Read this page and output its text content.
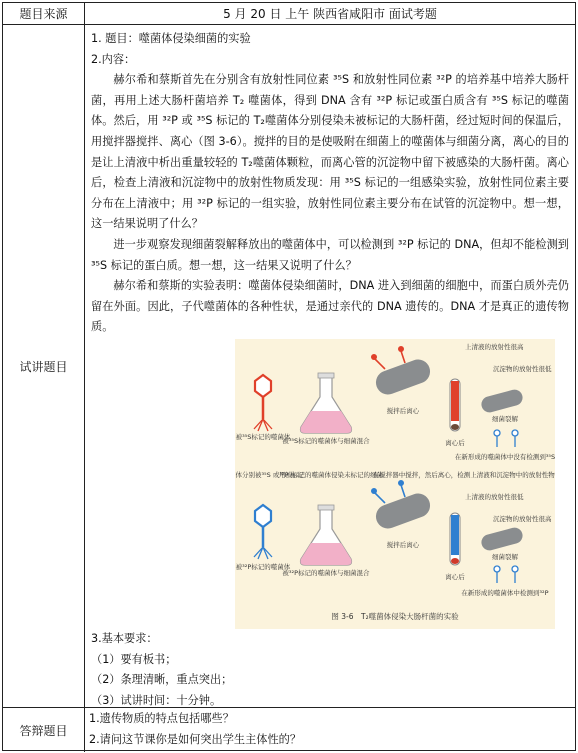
题目来源	5 月 20 日 上午 陕西省咸阳市 面试考题
试讲题目

1. 题目：噬菌体侵染细菌的实验

2.内容：

赫尔希和蔡斯首先在分别含有放射性同位素 ³⁵S 和放射性同位素 ³²P 的培养基中培养大肠杆菌，再用上述大肠杆菌培养 T₂ 噬菌体，得到 DNA 含有 ³²P 标记或蛋白质含有 ³⁵S 标记的噬菌体。然后，用 ³²P 或 ³⁵S 标记的 T₂噬菌体分别侵染未被标记的大肠杆菌，经过短时间的保温后，用搅拌器搅拌、离心（图 3-6）。搅拌的目的是使吸附在细菌上的噬菌体与细菌分离，离心的目的是让上清液中析出重量较轻的 T₂噬菌体颗粒，而离心管的沉淀物中留下被感染的大肠杆菌。离心后，检查上清液和沉淀物中的放射性物质发现：用 ³⁵S 标记的一组感染实验，放射性同位素主要分布在上清液中；用 ³²P 标记的一组实验，放射性同位素主要分布在试管的沉淀物中。想一想，这一结果说明了什么？

进一步观察发现细菌裂解释放出的噬菌体中，可以检测到 ³²P 标记的 DNA，但却不能检测到 ³⁵S 标记的蛋白质。想一想，这一结果又说明了什么？

赫尔希和蔡斯的实验表明：噬菌体侵染细菌时，DNA 进入到细菌的细胞中，而蛋白质外壳仍留在外面。因此，子代噬菌体的各种性状，是通过亲代的 DNA 遗传的。DNA 才是真正的遗传物质。

被³⁵S标记的噬菌体
被³⁵S标记的噬菌体与细菌混合
搅拌后离心
离心后
上清液的放射性很高
沉淀物的放射性很低
细菌裂解
在新形成的噬菌体中没有检测到³⁵S
体分别被³⁵S 或³²P 标记
用被标记的噬菌体侵染未标记的细菌
在搅拌器中搅拌，然后离心，检测上清液和沉淀物中的放射性物质
被³²P标记的噬菌体
被³²P标记的噬菌体与细菌混合
搅拌后离心
离心后
上清液的放射性很低
沉淀物的放射性很高
细菌裂解
在新形成的噬菌体中检测到³²P
图 3-6　T₂噬菌体侵染大肠杆菌的实验

3.基本要求：

（1）要有板书；

（2）条理清晰，重点突出；

（3）试讲时间：十分钟。

答辩题目

1.遗传物质的特点包括哪些？

2.请问这节课你是如何突出学生主体性的？
